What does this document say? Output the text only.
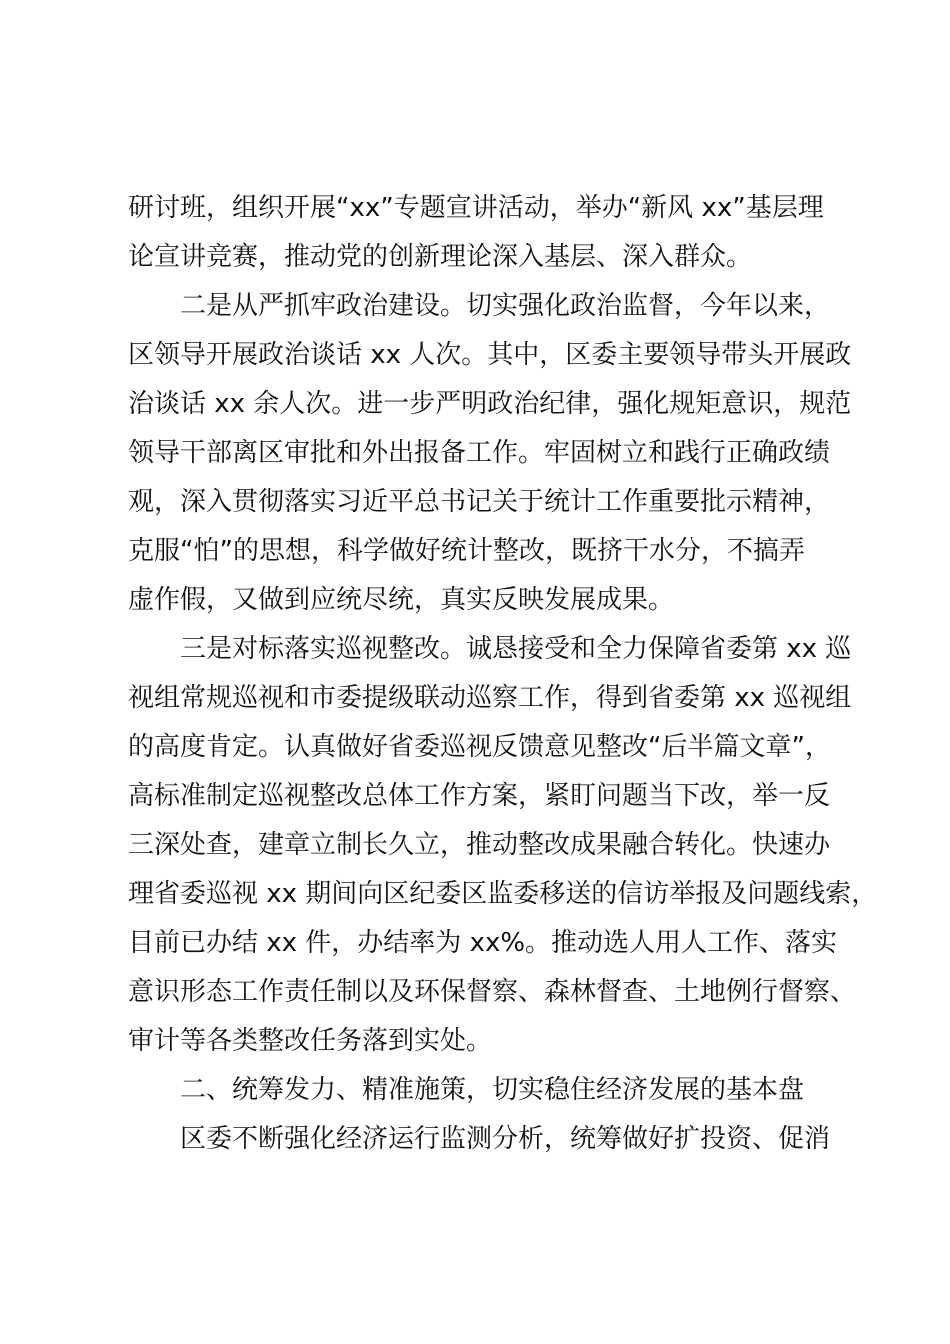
研讨班，组织开展“xx”专题宣讲活动，举办“新风 xx”基层理
论宣讲竞赛，推动党的创新理论深入基层、深入群众。
二是从严抓牢政治建设。切实强化政治监督，今年以来，
区领导开展政治谈话 xx 人次。其中，区委主要领导带头开展政
治谈话 xx 余人次。进一步严明政治纪律，强化规矩意识，规范
领导干部离区审批和外出报备工作。牢固树立和践行正确政绩
观，深入贯彻落实习近平总书记关于统计工作重要批示精神，
克服“怕”的思想，科学做好统计整改，既挤干水分，不搞弄
虚作假，又做到应统尽统，真实反映发展成果。
三是对标落实巡视整改。诚恳接受和全力保障省委第 xx 巡
视组常规巡视和市委提级联动巡察工作，得到省委第 xx 巡视组
的高度肯定。认真做好省委巡视反馈意见整改“后半篇文章”，
高标准制定巡视整改总体工作方案，紧盯问题当下改，举一反
三深处查，建章立制长久立，推动整改成果融合转化。快速办
理省委巡视 xx 期间向区纪委区监委移送的信访举报及问题线索，
目前已办结 xx 件，办结率为 xx%。推动选人用人工作、落实
意识形态工作责任制以及环保督察、森林督查、土地例行督察、
审计等各类整改任务落到实处。
二、统筹发力、精准施策，切实稳住经济发展的基本盘
区委不断强化经济运行监测分析，统筹做好扩投资、促消
